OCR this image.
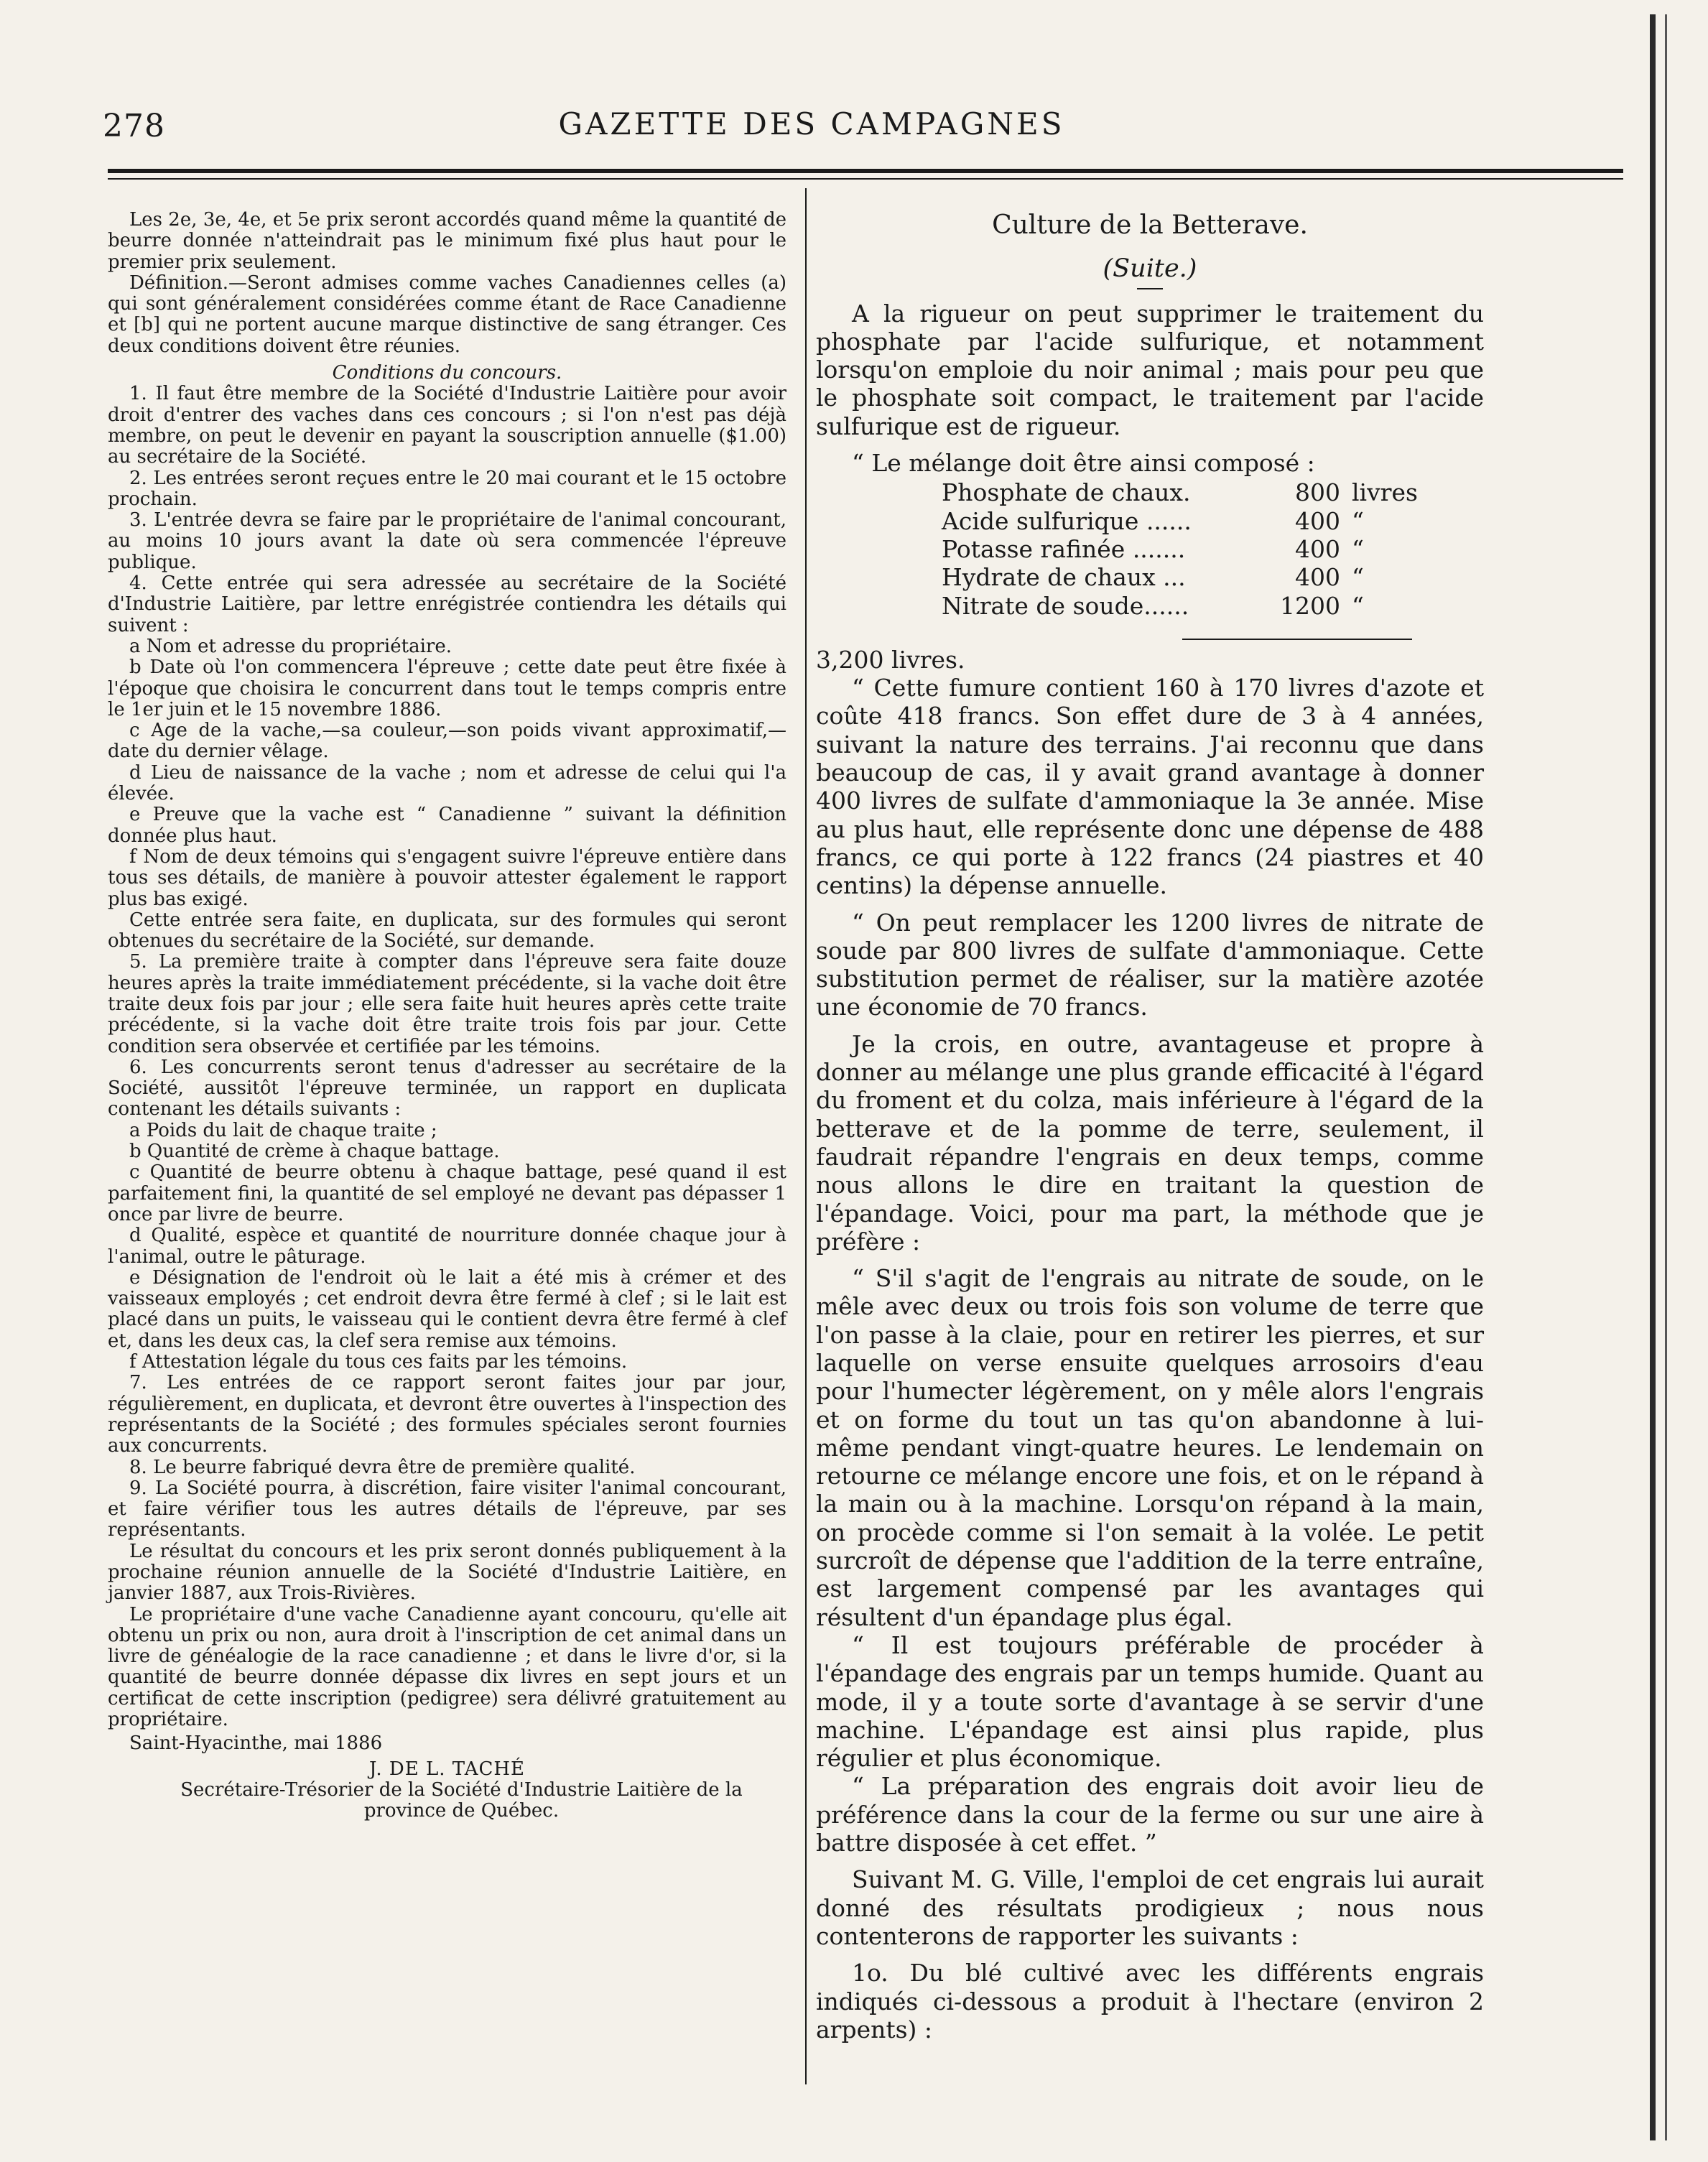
278	GAZETTE DES CAMPAGNES

Les 2e, 3e, 4e, et 5e prix seront accordés quand même la quantité de beurre donnée n'atteindrait pas le minimum fixé plus haut pour le premier prix seulement.

Définition.—Seront admises comme vaches Canadiennes celles (a) qui sont généralement considérées comme étant de Race Canadienne et [b] qui ne portent aucune marque distinctive de sang étranger. Ces deux conditions doivent être réunies.

Conditions du concours.

1. Il faut être membre de la Société d'Industrie Laitière pour avoir droit d'entrer des vaches dans ces concours ; si l'on n'est pas déjà membre, on peut le devenir en payant la souscription annuelle ($1.00) au secrétaire de la Société.

2. Les entrées seront reçues entre le 20 mai courant et le 15 octobre prochain.

3. L'entrée devra se faire par le propriétaire de l'animal concourant, au moins 10 jours avant la date où sera commencée l'épreuve publique.

4. Cette entrée qui sera adressée au secrétaire de la Société d'Industrie Laitière, par lettre enrégistrée contiendra les détails qui suivent :

a Nom et adresse du propriétaire.

b Date où l'on commencera l'épreuve ; cette date peut être fixée à l'époque que choisira le concurrent dans tout le temps compris entre le 1er juin et le 15 novembre 1886.

c Age de la vache,—sa couleur,—son poids vivant approximatif,— date du dernier vêlage.

d Lieu de naissance de la vache ; nom et adresse de celui qui l'a élevée.

e Preuve que la vache est “ Canadienne ” suivant la définition donnée plus haut.

f Nom de deux témoins qui s'engagent suivre l'épreuve entière dans tous ses détails, de manière à pouvoir attester également le rapport plus bas exigé.

Cette entrée sera faite, en duplicata, sur des formules qui seront obtenues du secrétaire de la Société, sur demande.

5. La première traite à compter dans l'épreuve sera faite douze heures après la traite immédiatement précédente, si la vache doit être traite deux fois par jour ; elle sera faite huit heures après cette traite précédente, si la vache doit être traite trois fois par jour. Cette condition sera observée et certifiée par les témoins.

6. Les concurrents seront tenus d'adresser au secrétaire de la Société, aussitôt l'épreuve terminée, un rapport en duplicata contenant les détails suivants :

a Poids du lait de chaque traite ;

b Quantité de crème à chaque battage.

c Quantité de beurre obtenu à chaque battage, pesé quand il est parfaitement fini, la quantité de sel employé ne devant pas dépasser 1 once par livre de beurre.

d Qualité, espèce et quantité de nourriture donnée chaque jour à l'animal, outre le pâturage.

e Désignation de l'endroit où le lait a été mis à crémer et des vaisseaux employés ; cet endroit devra être fermé à clef ; si le lait est placé dans un puits, le vaisseau qui le contient devra être fermé à clef et, dans les deux cas, la clef sera remise aux témoins.

f Attestation légale du tous ces faits par les témoins.

7. Les entrées de ce rapport seront faites jour par jour, régulièrement, en duplicata, et devront être ouvertes à l'inspection des représentants de la Société ; des formules spéciales seront fournies aux concurrents.

8. Le beurre fabriqué devra être de première qualité.

9. La Société pourra, à discrétion, faire visiter l'animal concourant, et faire vérifier tous les autres détails de l'épreuve, par ses représentants.

Le résultat du concours et les prix seront donnés publiquement à la prochaine réunion annuelle de la Société d'Industrie Laitière, en janvier 1887, aux Trois-Rivières.

Le propriétaire d'une vache Canadienne ayant concouru, qu'elle ait obtenu un prix ou non, aura droit à l'inscription de cet animal dans un livre de généalogie de la race canadienne ; et dans le livre d'or, si la quantité de beurre donnée dépasse dix livres en sept jours et un certificat de cette inscription (pedigree) sera délivré gratuitement au propriétaire.

Saint-Hyacinthe, mai 1886

J. DE L. TACHÉ

Secrétaire-Trésorier de la Société d'Industrie Laitière de la province de Québec.

Culture de la Betterave.

(Suite.)

A la rigueur on peut supprimer le traitement du phosphate par l'acide sulfurique, et notamment lorsqu'on emploie du noir animal ; mais pour peu que le phosphate soit compact, le traitement par l'acide sulfurique est de rigueur.

“ Le mélange doit être ainsi composé :

Phosphate de chaux.	800 livres
Acide sulfurique ......	400 “
Potasse rafinée .......	400 “
Hydrate de chaux ...	400 “
Nitrate de soude......	1200 “

3,200 livres.

“ Cette fumure contient 160 à 170 livres d'azote et coûte 418 francs. Son effet dure de 3 à 4 années, suivant la nature des terrains. J'ai reconnu que dans beaucoup de cas, il y avait grand avantage à donner 400 livres de sulfate d'ammoniaque la 3e année. Mise au plus haut, elle représente donc une dépense de 488 francs, ce qui porte à 122 francs (24 piastres et 40 centins) la dépense annuelle.

“ On peut remplacer les 1200 livres de nitrate de soude par 800 livres de sulfate d'ammoniaque. Cette substitution permet de réaliser, sur la matière azotée une économie de 70 francs.

Je la crois, en outre, avantageuse et propre à donner au mélange une plus grande efficacité à l'égard du froment et du colza, mais inférieure à l'égard de la betterave et de la pomme de terre, seulement, il faudrait répandre l'engrais en deux temps, comme nous allons le dire en traitant la question de l'épandage. Voici, pour ma part, la méthode que je préfère :

“ S'il s'agit de l'engrais au nitrate de soude, on le mêle avec deux ou trois fois son volume de terre que l'on passe à la claie, pour en retirer les pierres, et sur laquelle on verse ensuite quelques arrosoirs d'eau pour l'humecter légèrement, on y mêle alors l'engrais et on forme du tout un tas qu'on abandonne à lui-même pendant vingt-quatre heures. Le lendemain on retourne ce mélange encore une fois, et on le répand à la main ou à la machine. Lorsqu'on répand à la main, on procède comme si l'on semait à la volée. Le petit surcroît de dépense que l'addition de la terre entraîne, est largement compensé par les avantages qui résultent d'un épandage plus égal.

“ Il est toujours préférable de procéder à l'épandage des engrais par un temps humide. Quant au mode, il y a toute sorte d'avantage à se servir d'une machine. L'épandage est ainsi plus rapide, plus régulier et plus économique.

“ La préparation des engrais doit avoir lieu de préférence dans la cour de la ferme ou sur une aire à battre disposée à cet effet. ”

Suivant M. G. Ville, l'emploi de cet engrais lui aurait donné des résultats prodigieux ; nous nous contenterons de rapporter les suivants :

1o. Du blé cultivé avec les différents engrais indiqués ci-dessous a produit à l'hectare (environ 2 arpents) :
